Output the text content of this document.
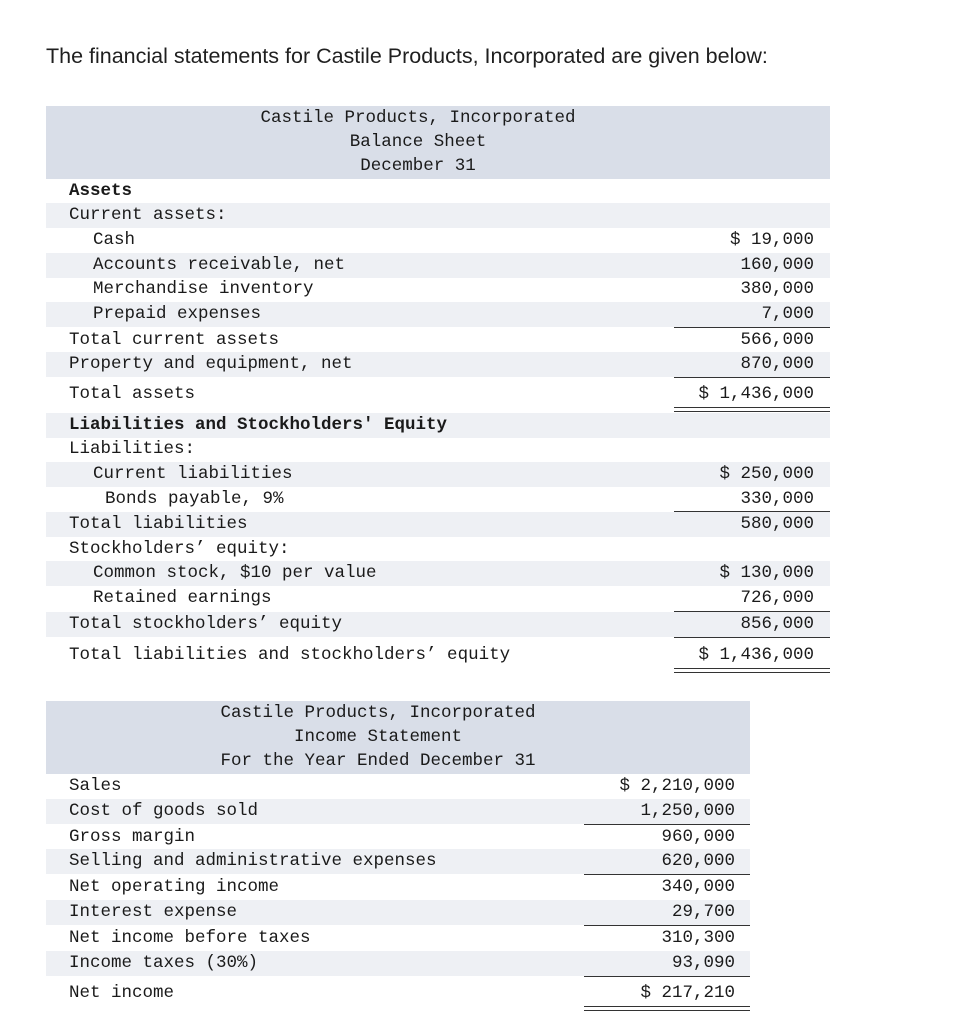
The financial statements for Castile Products, Incorporated are given below:
Castile Products, Incorporated
Balance Sheet
December 31
Assets
Current assets:
Cash	$ 19,000
Accounts receivable, net	160,000
Merchandise inventory	380,000
Prepaid expenses	7,000
Total current assets	566,000
Property and equipment, net	870,000
Total assets	$ 1,436,000
Liabilities and Stockholders' Equity
Liabilities:
Current liabilities	$ 250,000
Bonds payable, 9%	330,000
Total liabilities	580,000
Stockholders’ equity:
Common stock, $10 per value	$ 130,000
Retained earnings	726,000
Total stockholders’ equity	856,000
Total liabilities and stockholders’ equity	$ 1,436,000
Castile Products, Incorporated
Income Statement
For the Year Ended December 31
Sales	$ 2,210,000
Cost of goods sold	1,250,000
Gross margin	960,000
Selling and administrative expenses	620,000
Net operating income	340,000
Interest expense	29,700
Net income before taxes	310,300
Income taxes (30%)	93,090
Net income	$ 217,210
